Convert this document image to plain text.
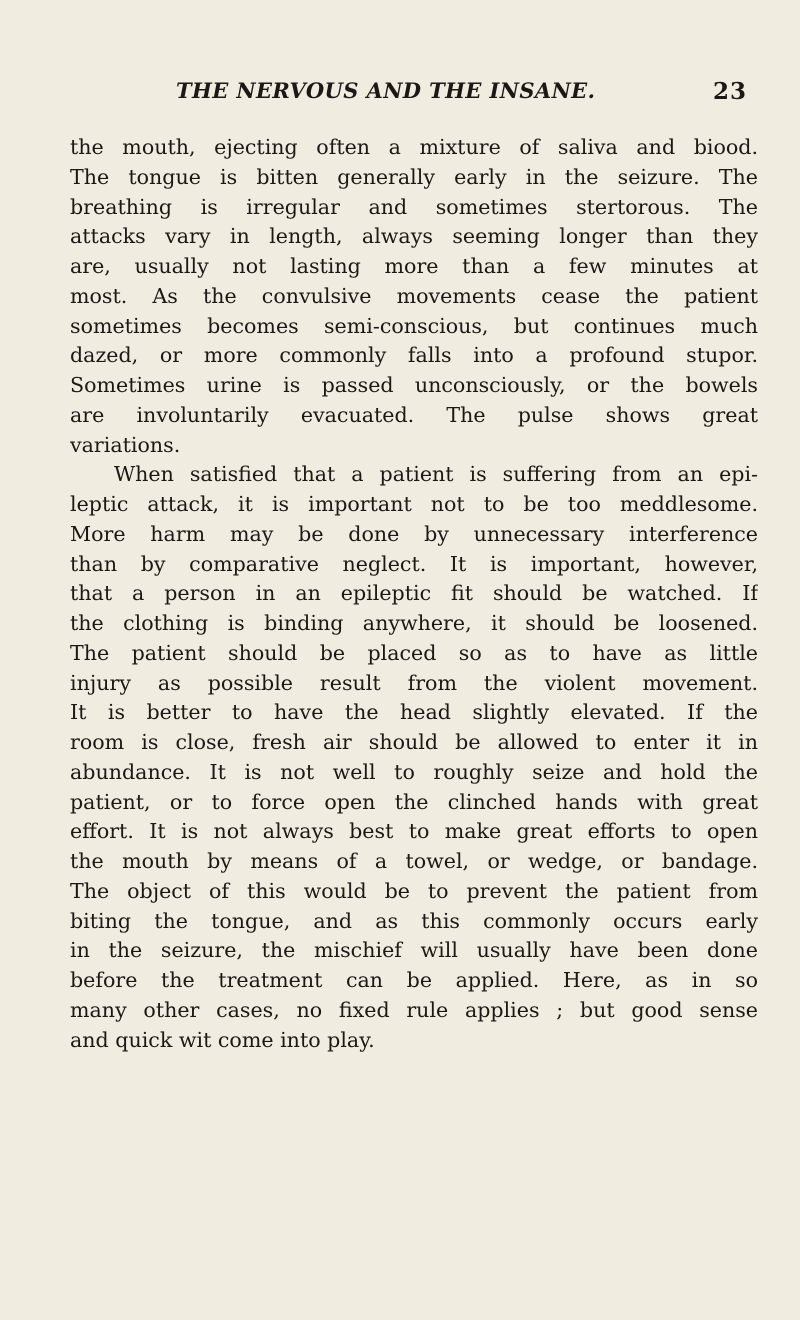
THE NERVOUS AND THE INSANE.	23
the mouth, ejecting often a mixture of saliva and biood.
The tongue is bitten generally early in the seizure. The
breathing is irregular and sometimes stertorous. The
attacks vary in length, always seeming longer than they
are, usually not lasting more than a few minutes at
most. As the convulsive movements cease the patient
sometimes becomes semi-conscious, but continues much
dazed, or more commonly falls into a profound stupor.
Sometimes urine is passed unconsciously, or the bowels
are involuntarily evacuated. The pulse shows great
variations.
When satisfied that a patient is suffering from an epi-
leptic attack, it is important not to be too meddlesome.
More harm may be done by unnecessary interference
than by comparative neglect. It is important, however,
that a person in an epileptic fit should be watched. If
the clothing is binding anywhere, it should be loosened.
The patient should be placed so as to have as little
injury as possible result from the violent movement.
It is better to have the head slightly elevated. If the
room is close, fresh air should be allowed to enter it in
abundance. It is not well to roughly seize and hold the
patient, or to force open the clinched hands with great
effort. It is not always best to make great efforts to open
the mouth by means of a towel, or wedge, or bandage.
The object of this would be to prevent the patient from
biting the tongue, and as this commonly occurs early
in the seizure, the mischief will usually have been done
before the treatment can be applied. Here, as in so
many other cases, no fixed rule applies ; but good sense
and quick wit come into play.
